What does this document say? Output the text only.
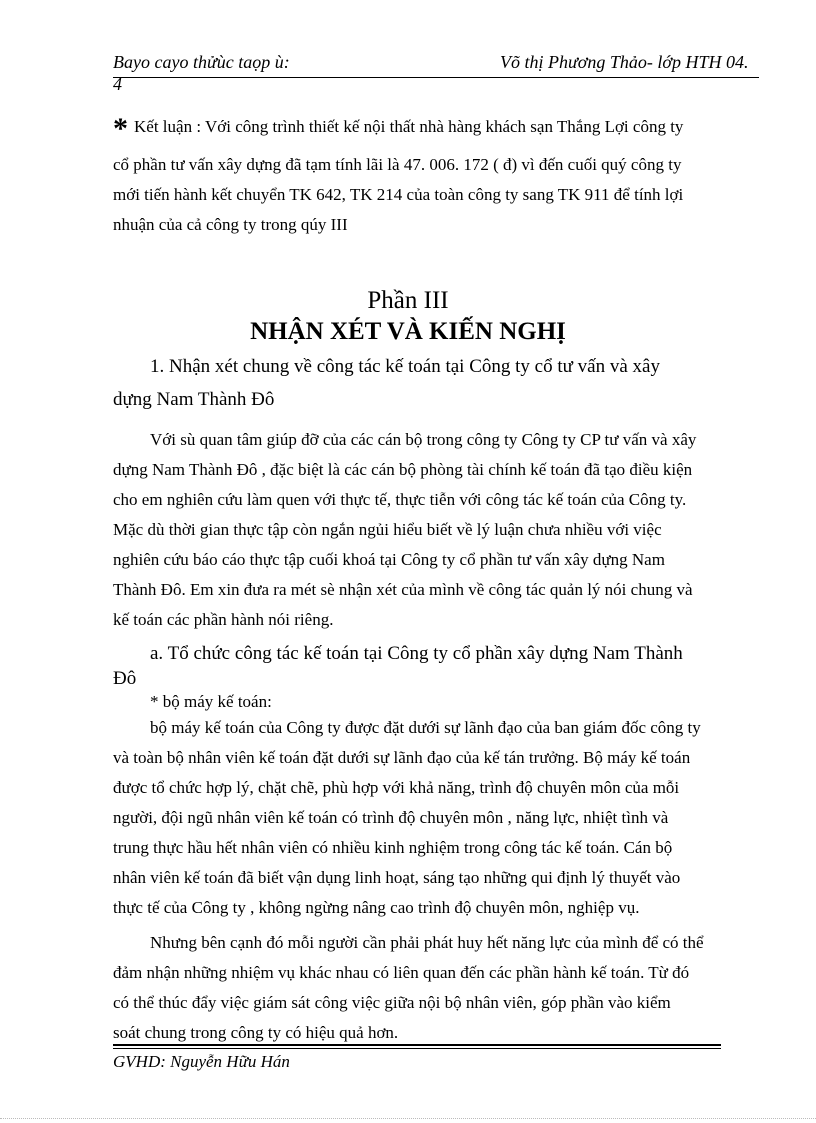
Baуo caуo thửùc taọp ù:	Võ thị Phương Thảo- lớp HTH 04.
4
* Kết luận : Với công trình thiết kế nội thất nhà hàng khách sạn Thắng Lợi công ty
cổ phần tư vấn xây dựng đã tạm tính lãi là 47. 006. 172 ( đ) vì đến cuối quý công ty
mới tiến hành kết chuyển TK 642, TK 214 của toàn công ty sang TK 911 để tính lợi
nhuận của cả công ty trong qúy III
Phần III
NHẬN XÉT VÀ KIẾN NGHỊ
1. Nhận xét chung về công tác kế toán tại Công ty cổ tư vấn và xây
dựng Nam Thành Đô
Với sù quan tâm giúp đỡ của các cán bộ trong công ty Công ty CP tư vấn và xây
dựng Nam Thành Đô , đặc biệt là các cán bộ phòng tài chính kế toán đã tạo điều kiện
cho em nghiên cứu làm quen với thực tế, thực tiễn với công tác kế toán của Công ty.
Mặc dù thời gian thực tập còn ngắn ngủi hiểu biết về lý luận chưa nhiều với việc
nghiên cứu báo cáo thực tập cuối khoá tại Công ty cổ phần tư vấn xây dựng Nam
Thành Đô. Em xin đưa ra mét sè nhận xét của mình về công tác quản lý nói chung và
kế toán các phần hành nói riêng.
a. Tổ chức công tác kế toán tại Công ty cổ phần xây dựng Nam Thành
Đô
* bộ máy kế toán:
bộ máy kế toán của Công ty được đặt dưới sự lãnh đạo của ban giám đốc công ty
và toàn bộ nhân viên kế toán đặt dưới sự lãnh đạo của kế tán trưởng. Bộ máy kế toán
được tổ chức hợp lý, chặt chẽ, phù hợp với khả năng, trình độ chuyên môn của mỗi
người, đội ngũ nhân viên kế toán có trình độ chuyên môn , năng lực, nhiệt tình và
trung thực hầu hết nhân viên có nhiều kinh nghiệm trong công tác kế toán. Cán bộ
nhân viên kế toán đã biết vận dụng linh hoạt, sáng tạo những qui định lý thuyết vào
thực tế của Công ty , không ngừng nâng cao trình độ chuyên môn, nghiệp vụ.
Nhưng bên cạnh đó mỗi người cần phải phát huy hết năng lực của mình để có thể
đảm nhận những nhiệm vụ khác nhau có liên quan đến các phần hành kế toán. Từ đó
có thể thúc đẩy việc giám sát công việc giữa nội bộ nhân viên, góp phần vào kiểm
soát chung trong công ty có hiệu quả hơn.
GVHD: Nguyễn Hữu Hán
